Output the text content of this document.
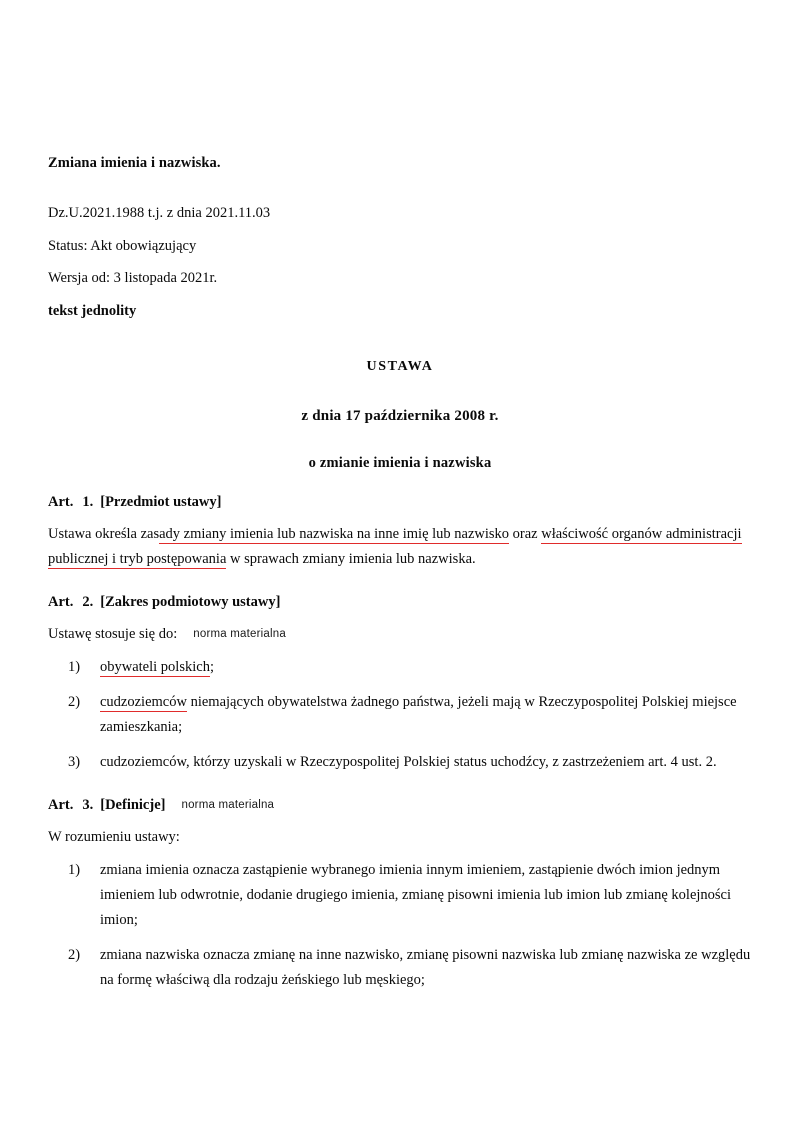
Zmiana imienia i nazwiska.

Dz.U.2021.1988 t.j. z dnia 2021.11.03

Status: Akt obowiązujący

Wersja od: 3 listopada 2021r.

tekst jednolity

USTAWA

z dnia 17 października 2008 r.

o zmianie imienia i nazwiska

Art. 1. [Przedmiot ustawy]

Ustawa określa zasady zmiany imienia lub nazwiska na inne imię lub nazwisko oraz właściwość organów administracji publicznej i tryb postępowania w sprawach zmiany imienia lub nazwiska.

Art. 2. [Zakres podmiotowy ustawy]

Ustawę stosuje się do: norma materialna

1) obywateli polskich;
2) cudzoziemców niemających obywatelstwa żadnego państwa, jeżeli mają w Rzeczypospolitej Polskiej miejsce zamieszkania;
3) cudzoziemców, którzy uzyskali w Rzeczypospolitej Polskiej status uchodźcy, z zastrzeżeniem art. 4 ust. 2.

Art. 3. [Definicje] norma materialna

W rozumieniu ustawy:

1) zmiana imienia oznacza zastąpienie wybranego imienia innym imieniem, zastąpienie dwóch imion jednym imieniem lub odwrotnie, dodanie drugiego imienia, zmianę pisowni imienia lub imion lub zmianę kolejności imion;
2) zmiana nazwiska oznacza zmianę na inne nazwisko, zmianę pisowni nazwiska lub zmianę nazwiska ze względu na formę właściwą dla rodzaju żeńskiego lub męskiego;
